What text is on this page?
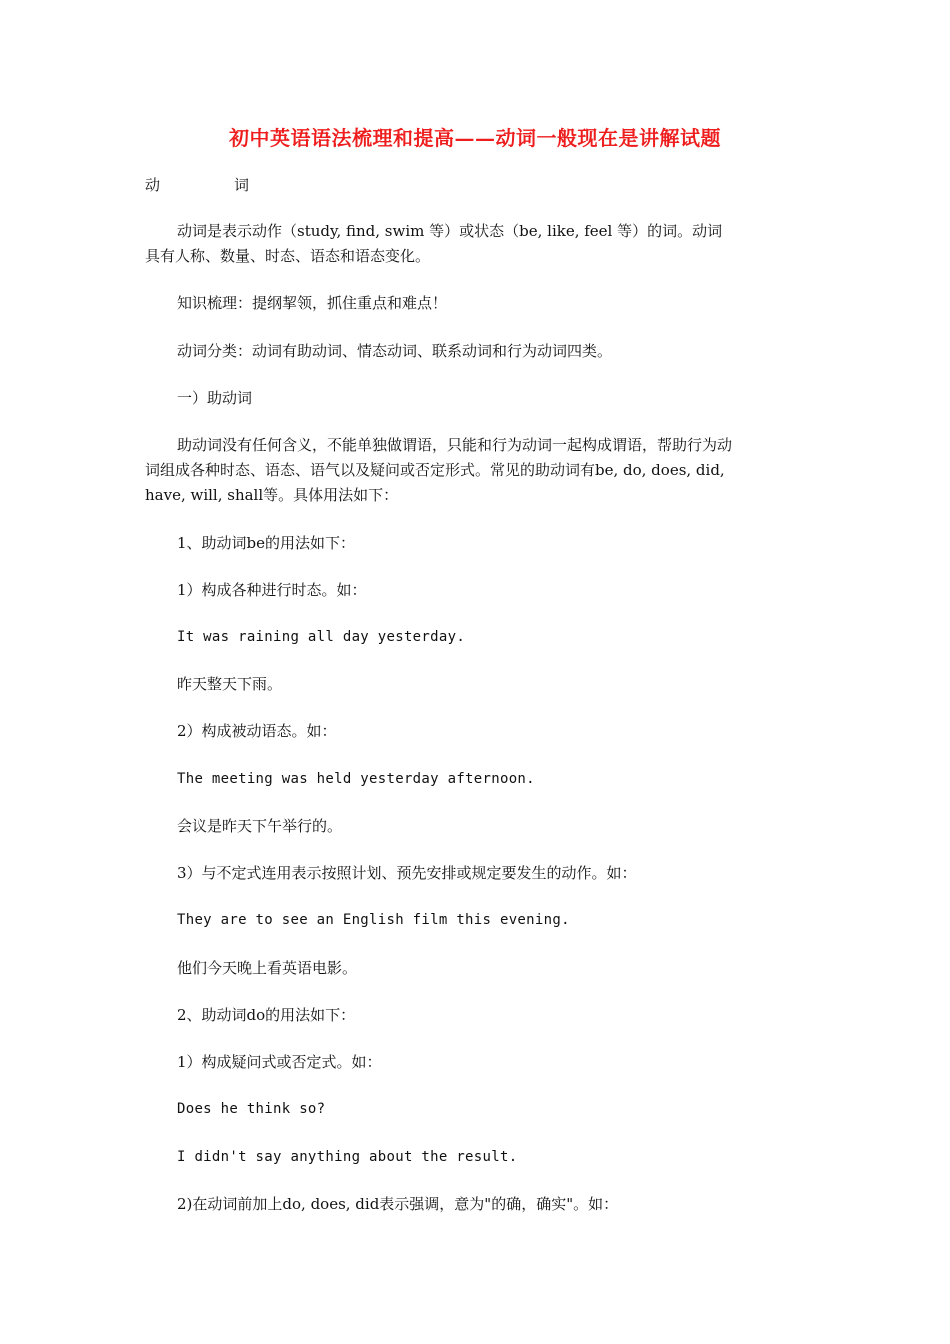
初中英语语法梳理和提高——动词一般现在是讲解试题
动	词
动词是表示动作（study, find, swim 等）或状态（be, like, feel 等）的词。动词
具有人称、数量、时态、语态和语态变化。
知识梳理：提纲挈领，抓住重点和难点！
动词分类：动词有助动词、情态动词、联系动词和行为动词四类。
一）助动词
助动词没有任何含义，不能单独做谓语，只能和行为动词一起构成谓语，帮助行为动
词组成各种时态、语态、语气以及疑问或否定形式。常见的助动词有be, do, does, did,
have, will, shall等。具体用法如下：
1、助动词be的用法如下：
1）构成各种进行时态。如：
It was raining all day yesterday.
昨天整天下雨。
2）构成被动语态。如：
The meeting was held yesterday afternoon.
会议是昨天下午举行的。
3）与不定式连用表示按照计划、预先安排或规定要发生的动作。如：
They are to see an English film this evening.
他们今天晚上看英语电影。
2、助动词do的用法如下：
1）构成疑问式或否定式。如：
Does he think so?
I didn't say anything about the result.
2)在动词前加上do, does, did表示强调，意为"的确，确实"。如：
